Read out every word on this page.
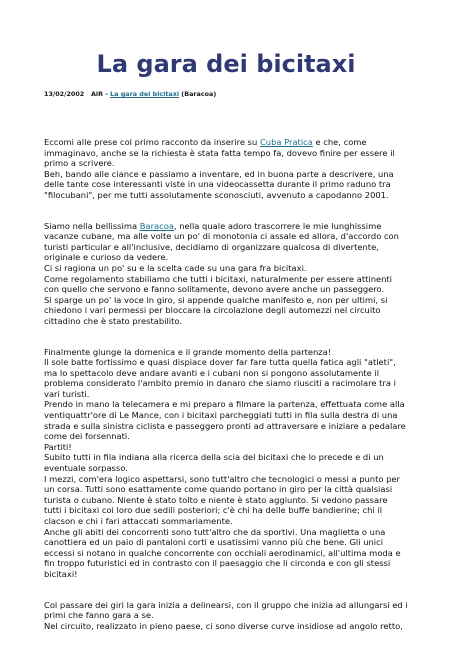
La gara dei bicitaxi
13/02/2002 AiR - La gara dei bicitaxi (Baracoa)
Eccomi alle prese col primo racconto da inserire su Cuba Pratica e che, come
immaginavo, anche se la richiesta è stata fatta tempo fa, dovevo finire per essere il
primo a scrivere.
Beh, bando alle ciance e passiamo a inventare, ed in buona parte a descrivere, una
delle tante cose interessanti viste in una videocassetta durante il primo raduno tra
"filocubani", per me tutti assolutamente sconosciuti, avvenuto a capodanno 2001.
Siamo nella bellissima Baracoa, nella quale adoro trascorrere le mie lunghissime
vacanze cubane, ma alle volte un po' di monotonia ci assale ed allora, d'accordo con
turisti particular e all'inclusive, decidiamo di organizzare qualcosa di divertente,
originale e curioso da vedere.
Ci si ragiona un po' su e la scelta cade su una gara fra bicitaxi.
Come regolamento stabiliamo che tutti i bicitaxi, naturalmente per essere attinenti
con quello che servono e fanno solitamente, devono avere anche un passeggero.
Si sparge un po' la voce in giro, si appende qualche manifesto e, non per ultimi, si
chiedono i vari permessi per bloccare la circolazione degli automezzi nel circuito
cittadino che è stato prestabilito.
Finalmente giunge la domenica e il grande momento della partenza!
Il sole batte fortissimo e quasi dispiace dover far fare tutta quella fatica agli "atleti",
ma lo spettacolo deve andare avanti e i cubani non si pongono assolutamente il
problema considerato l'ambito premio in danaro che siamo riusciti a racimolare tra i
vari turisti.
Prendo in mano la telecamera e mi preparo a filmare la partenza, effettuata come alla
ventiquattr'ore di Le Mance, con i bicitaxi parcheggiati tutti in fila sulla destra di una
strada e sulla sinistra ciclista e passeggero pronti ad attraversare e iniziare a pedalare
come dei forsennati.
Partiti!
Subito tutti in fila indiana alla ricerca della scia del bicitaxi che lo precede e di un
eventuale sorpasso.
I mezzi, com'era logico aspettarsi, sono tutt'altro che tecnologici o messi a punto per
un corsa. Tutti sono esattamente come quando portano in giro per la città qualsiasi
turista o cubano. Niente è stato tolto e niente è stato aggiunto. Si vedono passare
tutti i bicitaxi coi loro due sedili posteriori; c'è chi ha delle buffe bandierine; chi il
clacson e chi i fari attaccati sommariamente.
Anche gli abiti dei concorrenti sono tutt'altro che da sportivi. Una maglietta o una
canottiera ed un paio di pantaloni corti e usatissimi vanno più che bene. Gli unici
eccessi si notano in qualche concorrente con occhiali aerodinamici, all'ultima moda e
fin troppo futuristici ed in contrasto con il paesaggio che li circonda e con gli stessi
bicitaxi!
Col passare dei giri la gara inizia a delinearsi, con il gruppo che inizia ad allungarsi ed i
primi che fanno gara a se.
Nel circuito, realizzato in pieno paese, ci sono diverse curve insidiose ad angolo retto,
